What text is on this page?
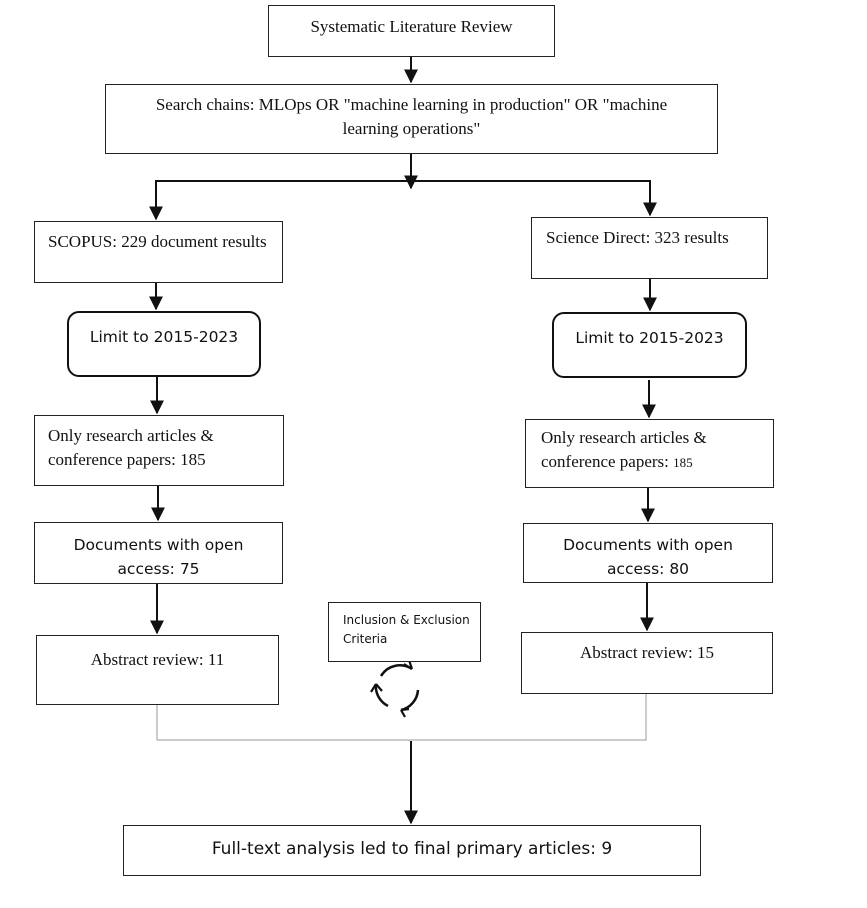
Systematic Literature Review
Search chains: MLOps OR "machine learning in production" OR "machine learning operations"
SCOPUS: 229 document results	Science Direct: 323 results
Limit to 2015-2023	Limit to 2015-2023
Only research articles & conference papers: 185
Only research articles & conference papers: 185
Documents with open access: 75
Documents with open access: 80
Inclusion & Exclusion Criteria
Abstract review: 11	Abstract review: 15
Full-text analysis led to final primary articles: 9
